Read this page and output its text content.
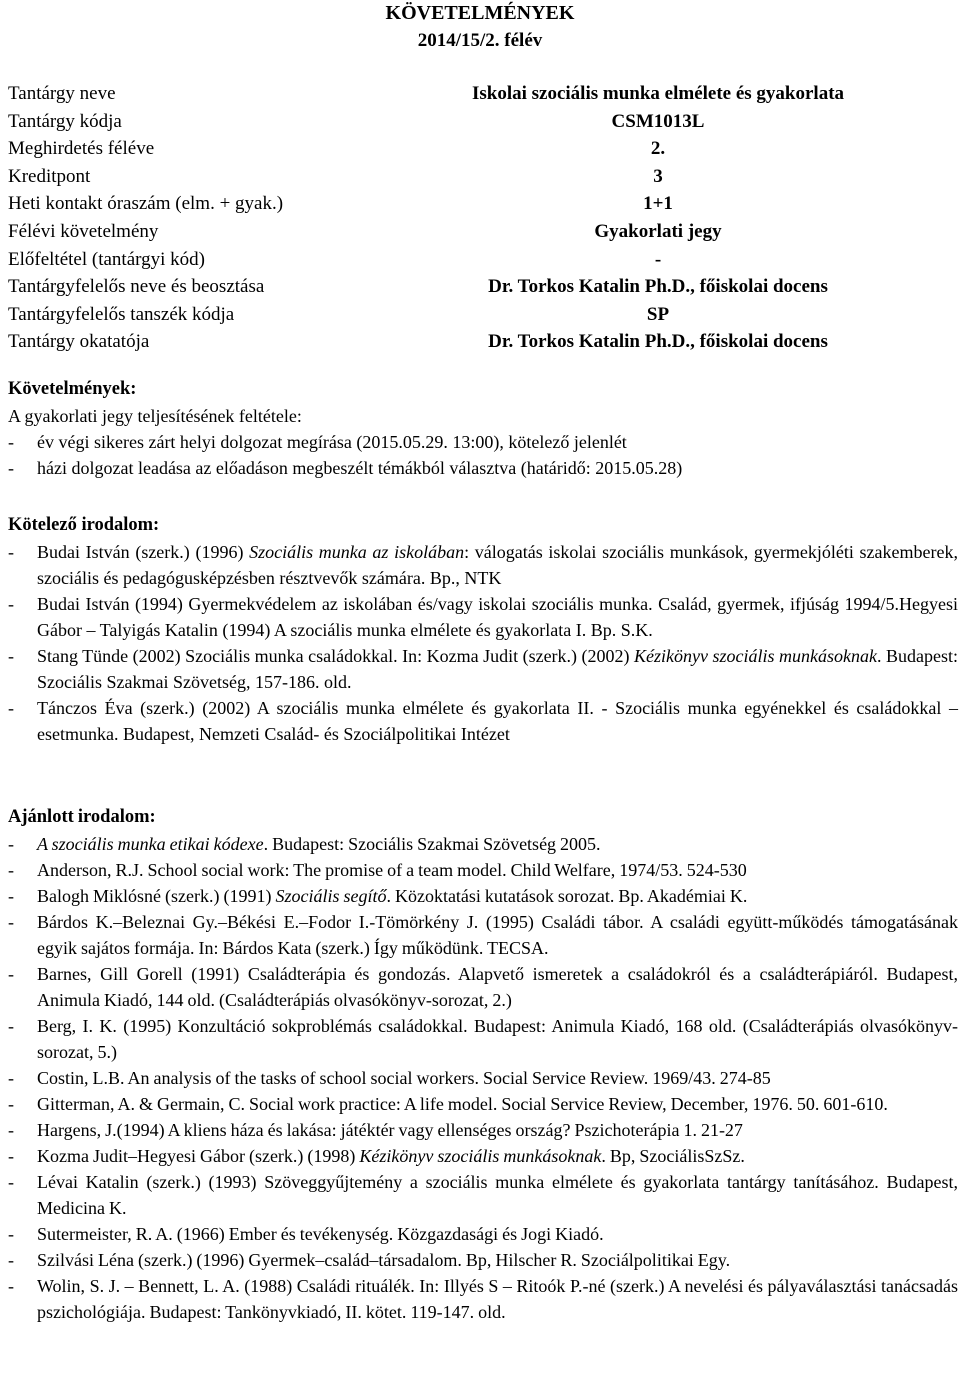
KÖVETELMÉNYEK
2014/15/2. félév
Tantárgy neve	Iskolai szociális munka elmélete és gyakorlata
Tantárgy kódja	CSM1013L
Meghirdetés féléve	2.
Kreditpont	3
Heti kontakt óraszám (elm. + gyak.)	1+1
Félévi követelmény	Gyakorlati jegy
Előfeltétel (tantárgyi kód)	-
Tantárgyfelelős neve és beosztása	Dr. Torkos Katalin Ph.D., főiskolai docens
Tantárgyfelelős tanszék kódja	SP
Tantárgy okatatója	Dr. Torkos Katalin Ph.D., főiskolai docens
Követelmények:

A gyakorlati jegy teljesítésének feltétele:

- év végi sikeres zárt helyi dolgozat megírása (2015.05.29. 13:00), kötelező jelenlét
- házi dolgozat leadása az előadáson megbeszélt témákból választva (határidő: 2015.05.28)
Kötelező irodalom:
- Budai István (szerk.) (1996) Szociális munka az iskolában: válogatás iskolai szociális munkások, gyermekjóléti szakemberek, szociális és pedagógusképzésben résztvevők számára. Bp., NTK
- Budai István (1994) Gyermekvédelem az iskolában és/vagy iskolai szociális munka. Család, gyermek, ifjúság 1994/5.Hegyesi Gábor – Talyigás Katalin (1994) A szociális munka elmélete és gyakorlata I. Bp. S.K.
- Stang Tünde (2002) Szociális munka családokkal. In: Kozma Judit (szerk.) (2002) Kézikönyv szociális munkásoknak. Budapest: Szociális Szakmai Szövetség, 157-186. old.
- Tánczos Éva (szerk.) (2002) A szociális munka elmélete és gyakorlata II. - Szociális munka egyénekkel és családokkal – esetmunka. Budapest, Nemzeti Család- és Szociálpolitikai Intézet
Ajánlott irodalom:
- A szociális munka etikai kódexe. Budapest: Szociális Szakmai Szövetség 2005.
- Anderson, R.J. School social work: The promise of a team model. Child Welfare, 1974/53. 524-530
- Balogh Miklósné (szerk.) (1991) Szociális segítő. Közoktatási kutatások sorozat. Bp. Akadémiai K.
- Bárdos K.–Beleznai Gy.–Békési E.–Fodor I.-Tömörkény J. (1995) Családi tábor. A családi együtt-működés támogatásának egyik sajátos formája. In: Bárdos Kata (szerk.) Így működünk. TECSA.
- Barnes, Gill Gorell (1991) Családterápia és gondozás. Alapvető ismeretek a családokról és a családterápiáról. Budapest, Animula Kiadó, 144 old. (Családterápiás olvasókönyv-sorozat, 2.)
- Berg, I. K. (1995) Konzultáció sokproblémás családokkal. Budapest: Animula Kiadó, 168 old. (Családterápiás olvasókönyv-sorozat, 5.)
- Costin, L.B. An analysis of the tasks of school social workers. Social Service Review. 1969/43. 274-85
- Gitterman, A. & Germain, C. Social work practice: A life model. Social Service Review, December, 1976. 50. 601-610.
- Hargens, J.(1994) A kliens háza és lakása: játéktér vagy ellenséges ország? Pszichoterápia 1. 21-27
- Kozma Judit–Hegyesi Gábor (szerk.) (1998) Kézikönyv szociális munkásoknak. Bp, SzociálisSzSz.
- Lévai Katalin (szerk.) (1993) Szöveggyűjtemény a szociális munka elmélete és gyakorlata tantárgy tanításához. Budapest, Medicina K.
- Sutermeister, R. A. (1966) Ember és tevékenység. Közgazdasági és Jogi Kiadó.
- Szilvási Léna (szerk.) (1996) Gyermek–család–társadalom. Bp, Hilscher R. Szociálpolitikai Egy.
- Wolin, S. J. – Bennett, L. A. (1988) Családi rituálék. In: Illyés S – Ritoók P.-né (szerk.) A nevelési és pályaválasztási tanácsadás pszichológiája. Budapest: Tankönyvkiadó, II. kötet. 119-147. old.
